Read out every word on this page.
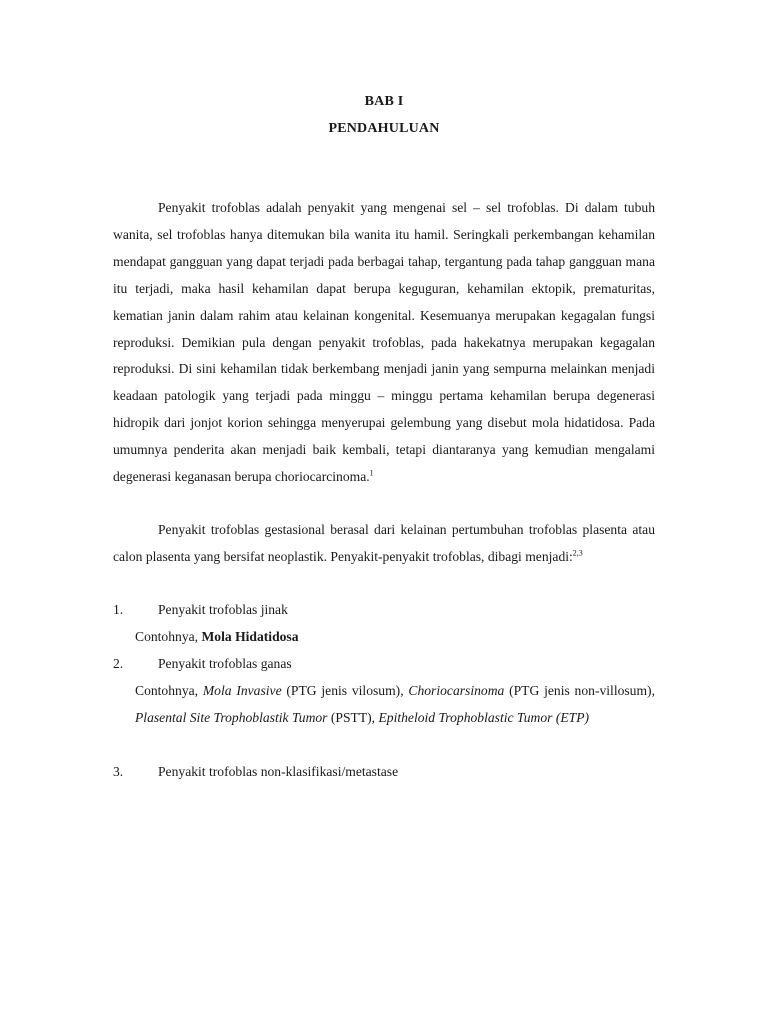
BAB I
PENDAHULUAN
Penyakit trofoblas adalah penyakit yang mengenai sel – sel trofoblas. Di dalam tubuh wanita, sel trofoblas hanya ditemukan bila wanita itu hamil. Seringkali perkembangan kehamilan mendapat gangguan yang dapat terjadi pada berbagai tahap, tergantung pada tahap gangguan mana itu terjadi, maka hasil kehamilan dapat berupa keguguran, kehamilan ektopik, prematuritas, kematian janin dalam rahim atau kelainan kongenital. Kesemuanya merupakan kegagalan fungsi reproduksi. Demikian pula dengan penyakit trofoblas, pada hakekatnya merupakan kegagalan reproduksi. Di sini kehamilan tidak berkembang menjadi janin yang sempurna melainkan menjadi keadaan patologik yang terjadi pada minggu – minggu pertama kehamilan berupa degenerasi hidropik dari jonjot korion sehingga menyerupai gelembung yang disebut mola hidatidosa. Pada umumnya penderita akan menjadi baik kembali, tetapi diantaranya yang kemudian mengalami degenerasi keganasan berupa choriocarcinoma.$^1$
Penyakit trofoblas gestasional berasal dari kelainan pertumbuhan trofoblas plasenta atau calon plasenta yang bersifat neoplastik. Penyakit-penyakit trofoblas, dibagi menjadi:$^{2,3}$
1.	Penyakit trofoblas jinak
Contohnya, Mola Hidatidosa
2.	Penyakit trofoblas ganas
Contohnya, Mola Invasive (PTG jenis vilosum), Choriocarsinoma (PTG jenis non-villosum), Plasental Site Trophoblastik Tumor (PSTT), Epitheloid Trophoblastic Tumor (ETP)
3.	Penyakit trofoblas non-klasifikasi/metastase
